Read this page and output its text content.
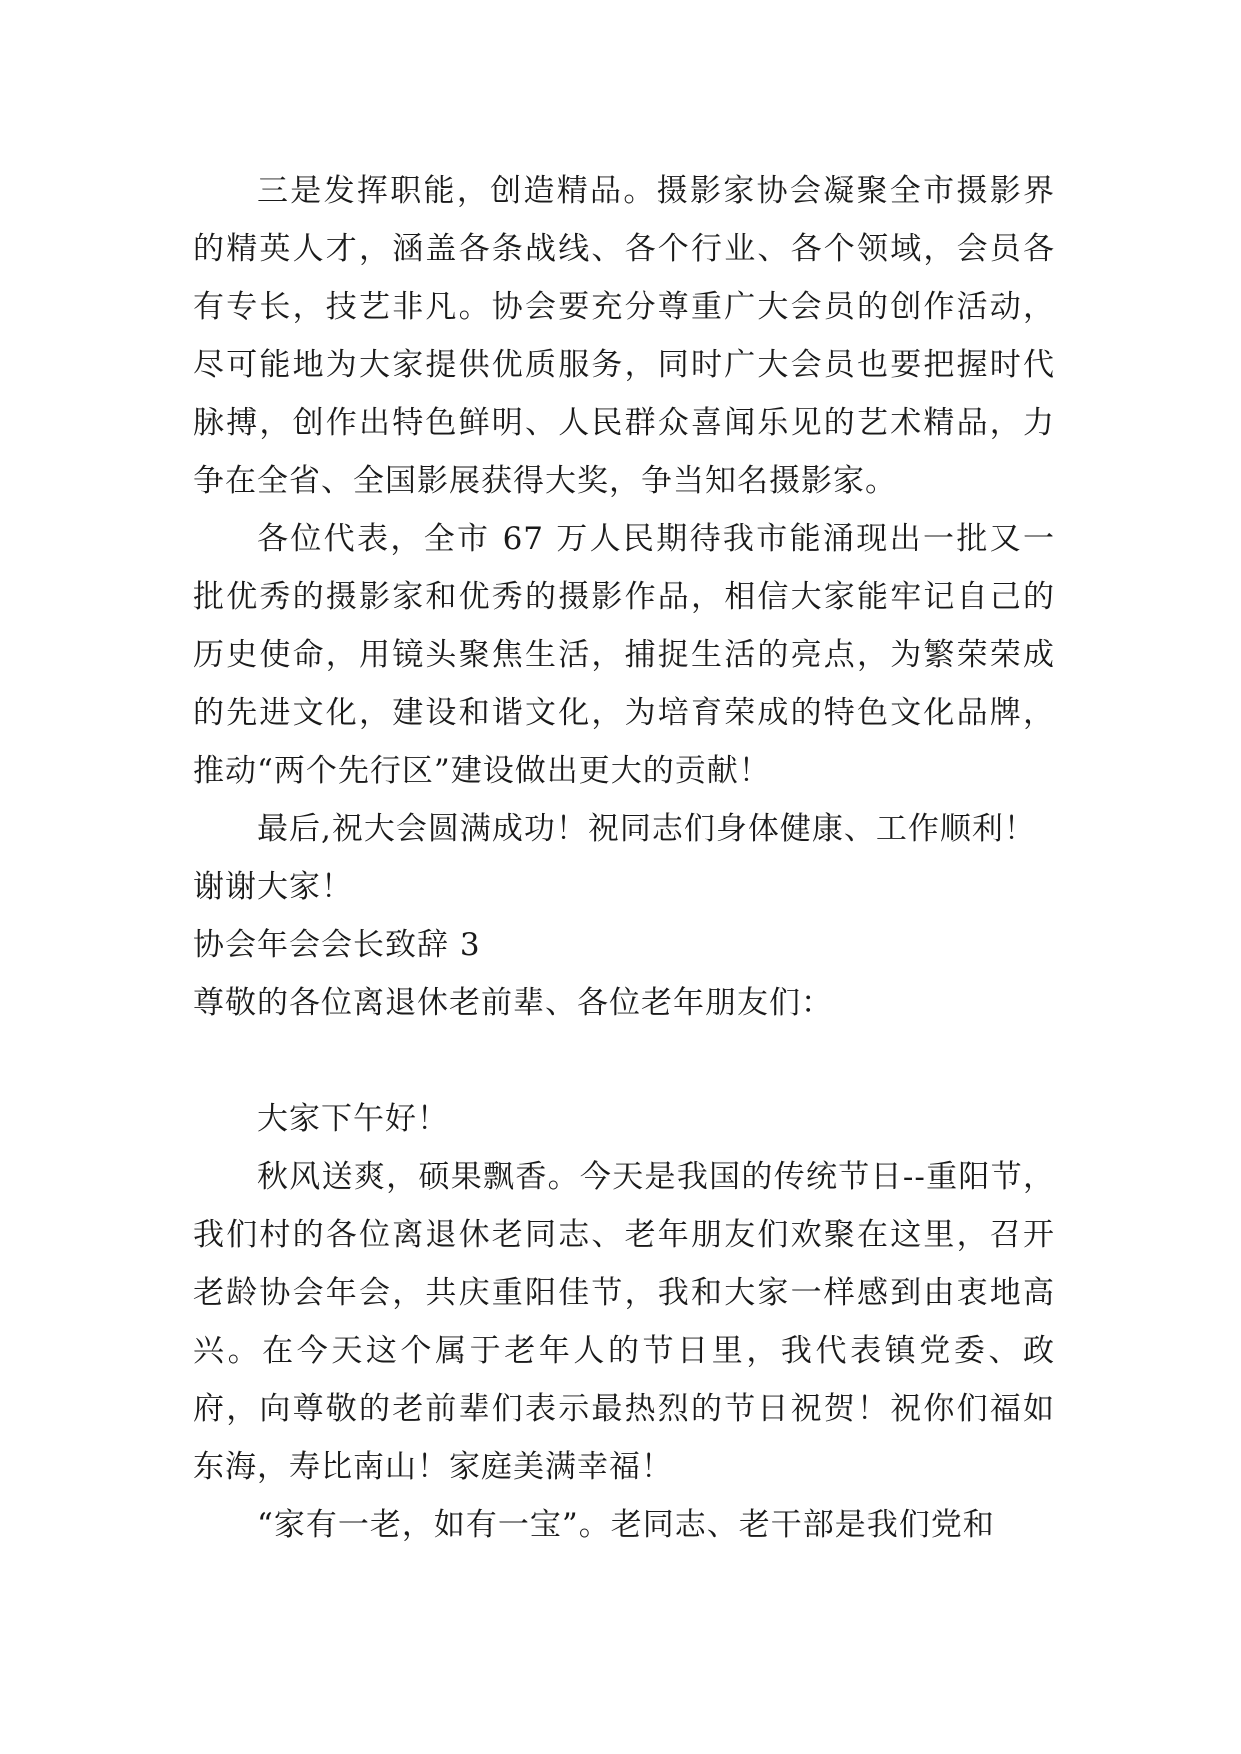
三是发挥职能，创造精品。摄影家协会凝聚全市摄影界的精英人才，涵盖各条战线、各个行业、各个领域，会员各有专长，技艺非凡。协会要充分尊重广大会员的创作活动，尽可能地为大家提供优质服务，同时广大会员也要把握时代脉搏，创作出特色鲜明、人民群众喜闻乐见的艺术精品，力争在全省、全国影展获得大奖，争当知名摄影家。

各位代表，全市 67 万人民期待我市能涌现出一批又一批优秀的摄影家和优秀的摄影作品，相信大家能牢记自己的历史使命，用镜头聚焦生活，捕捉生活的亮点，为繁荣荣成的先进文化，建设和谐文化，为培育荣成的特色文化品牌，推动“两个先行区”建设做出更大的贡献！

最后,祝大会圆满成功！祝同志们身体健康、工作顺利！

谢谢大家！

协会年会会长致辞 3

尊敬的各位离退休老前辈、各位老年朋友们：

大家下午好！

秋风送爽，硕果飘香。今天是我国的传统节日--重阳节，我们村的各位离退休老同志、老年朋友们欢聚在这里，召开老龄协会年会，共庆重阳佳节，我和大家一样感到由衷地高兴。在今天这个属于老年人的节日里，我代表镇党委、政府，向尊敬的老前辈们表示最热烈的节日祝贺！祝你们福如东海，寿比南山！家庭美满幸福！

“家有一老，如有一宝”。老同志、老干部是我们党和
